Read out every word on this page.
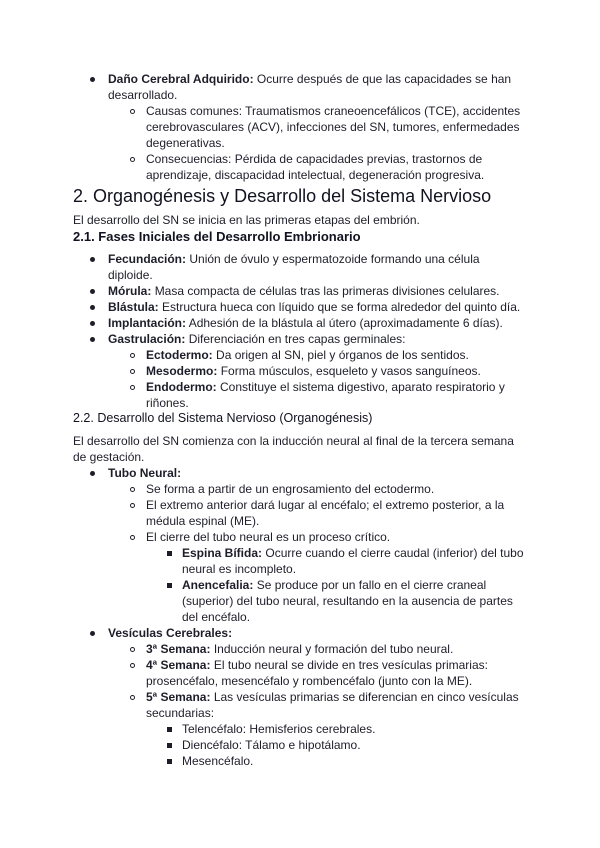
Daño Cerebral Adquirido: Ocurre después de que las capacidades se han
desarrollado.
Causas comunes: Traumatismos craneoencefálicos (TCE), accidentes
cerebrovasculares (ACV), infecciones del SN, tumores, enfermedades
degenerativas.
Consecuencias: Pérdida de capacidades previas, trastornos de
aprendizaje, discapacidad intelectual, degeneración progresiva.
2. Organogénesis y Desarrollo del Sistema Nervioso
El desarrollo del SN se inicia en las primeras etapas del embrión.
2.1. Fases Iniciales del Desarrollo Embrionario
Fecundación: Unión de óvulo y espermatozoide formando una célula
diploide.
Mórula: Masa compacta de células tras las primeras divisiones celulares.
Blástula: Estructura hueca con líquido que se forma alrededor del quinto día.
Implantación: Adhesión de la blástula al útero (aproximadamente 6 días).
Gastrulación: Diferenciación en tres capas germinales:
Ectodermo: Da origen al SN, piel y órganos de los sentidos.
Mesodermo: Forma músculos, esqueleto y vasos sanguíneos.
Endodermo: Constituye el sistema digestivo, aparato respiratorio y
riñones.
2.2. Desarrollo del Sistema Nervioso (Organogénesis)
El desarrollo del SN comienza con la inducción neural al final de la tercera semana
de gestación.
Tubo Neural:
Se forma a partir de un engrosamiento del ectodermo.
El extremo anterior dará lugar al encéfalo; el extremo posterior, a la
médula espinal (ME).
El cierre del tubo neural es un proceso crítico.
Espina Bífida: Ocurre cuando el cierre caudal (inferior) del tubo
neural es incompleto.
Anencefalia: Se produce por un fallo en el cierre craneal
(superior) del tubo neural, resultando en la ausencia de partes
del encéfalo.
Vesículas Cerebrales:
3ª Semana: Inducción neural y formación del tubo neural.
4ª Semana: El tubo neural se divide en tres vesículas primarias:
prosencéfalo, mesencéfalo y rombencéfalo (junto con la ME).
5ª Semana: Las vesículas primarias se diferencian en cinco vesículas
secundarias:
Telencéfalo: Hemisferios cerebrales.
Diencéfalo: Tálamo e hipotálamo.
Mesencéfalo.
